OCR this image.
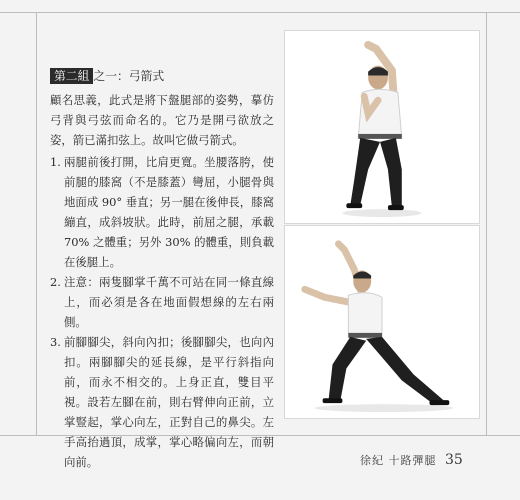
第二組 之一：弓箭式

顧名思義，此式是將下盤腿部的姿勢，摹仿弓背與弓弦而命名的。它乃是開弓欲放之姿，箭已滿扣弦上。故叫它做弓箭式。

1. 兩腿前後打開，比肩更寬。坐腰落胯，使前腿的膝窩（不是膝蓋）彎屈，小腿骨與地面成 90° 垂直；另一腿在後伸長，膝窩繃直，成斜坡狀。此時，前屈之腿，承載 70% 之體重；另外 30% 的體重，則負載在後腿上。
2. 注意：兩隻腳掌千萬不可站在同一條直線上，而必須是各在地面假想線的左右兩側。
3. 前腳腳尖，斜向內扣；後腳腳尖，也向內扣。兩腳腳尖的延長線，是平行斜指向前，而永不相交的。上身正直，雙目平視。設若左腳在前，則右臂伸向正前，立掌豎起，掌心向左，正對自己的鼻尖。左手高抬過頂，成掌，掌心略偏向左，而朝向前。	徐紀 十路彈腿 35
